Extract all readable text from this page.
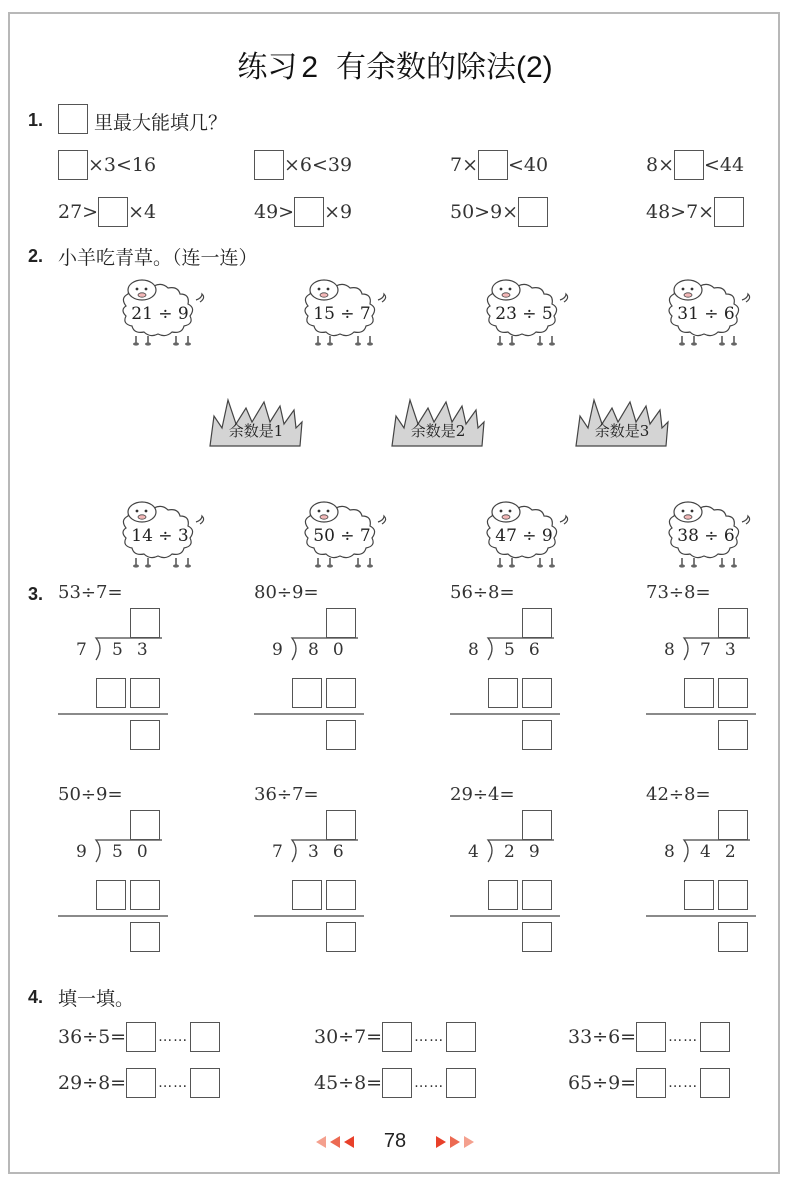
练习 2 有余数的除法(2)
1.	里最大能填几？
×3<16	×6<39	7× <40	8× <44
27> ×4	49> ×9	50>9×	48>7×
2. 小羊吃青草。（连一连）
21 ÷ 9	15 ÷ 7	23 ÷ 5	31 ÷ 6
余数是1	余数是2	余数是3
14 ÷ 3	50 ÷ 7	47 ÷ 9	38 ÷ 6
3. 53÷7=
7 53
80÷9=
9 80
56÷8=
8 56
73÷8=
8 73
50÷9=
9 50
36÷7=
7 36
29÷4=
4 29
42÷8=
8 42
4. 填一填。
36÷5= ……	30÷7= ……	33÷6= ……
29÷8= ……	45÷8= ……	65÷9= ……
78
